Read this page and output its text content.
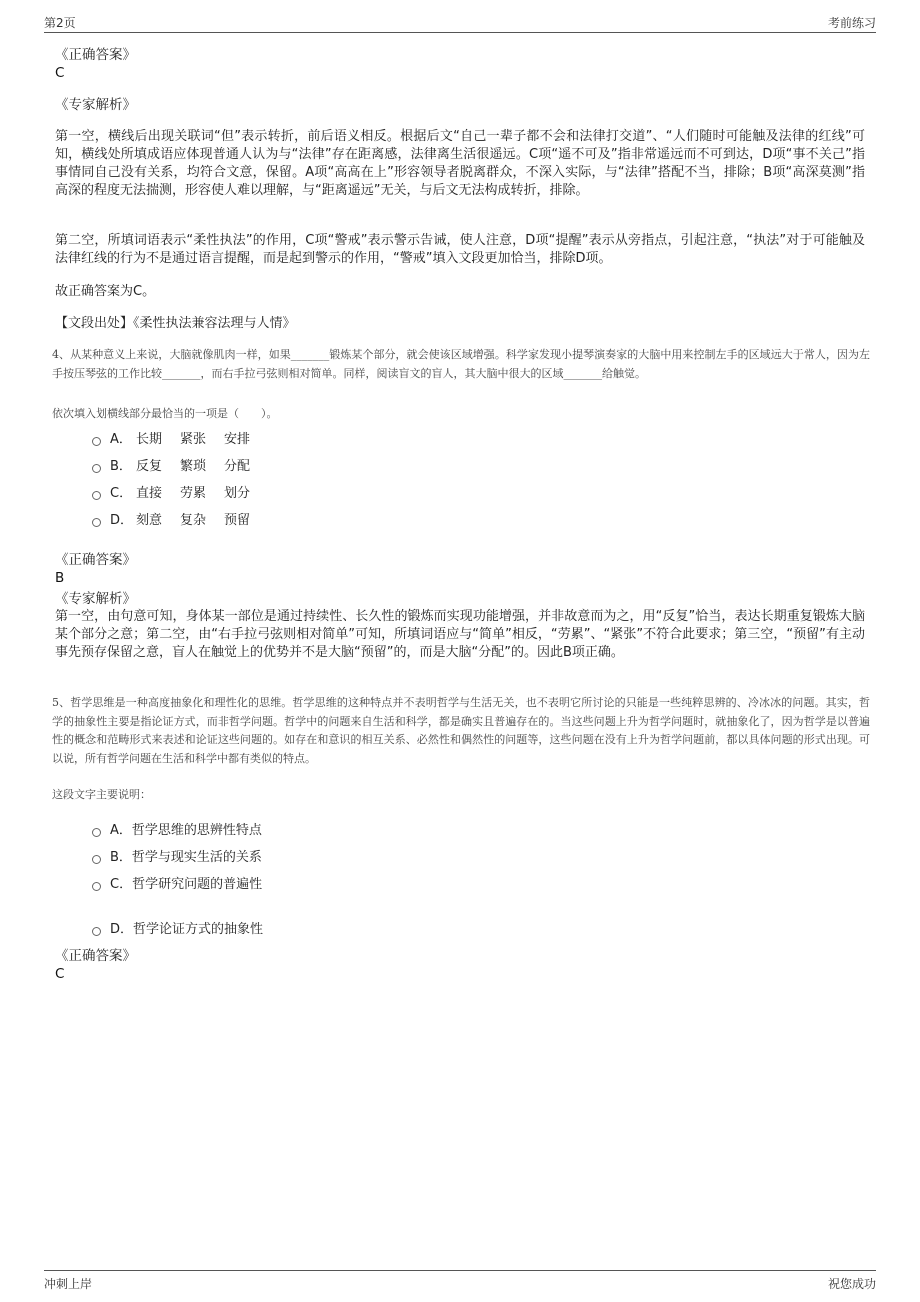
第2页	考前练习
《正确答案》
C
《专家解析》

第一空，横线后出现关联词“但”表示转折，前后语义相反。根据后文“自己一辈子都不会和法律打交道”、“人们随时可能触及法律的红线”可知，横线处所填成语应体现普通人认为与“法律”存在距离感，法律离生活很遥远。C项“遥不可及”指非常遥远而不可到达，D项“事不关己”指事情同自己没有关系，均符合文意，保留。A项“高高在上”形容领导者脱离群众，不深入实际，与“法律”搭配不当，排除；B项“高深莫测”指高深的程度无法揣测，形容使人难以理解，与“距离遥远”无关，与后文无法构成转折，排除。

第二空，所填词语表示“柔性执法”的作用，C项“警戒”表示警示告诫，使人注意，D项“提醒”表示从旁指点，引起注意，“执法”对于可能触及法律红线的行为不是通过语言提醒，而是起到警示的作用，“警戒”填入文段更加恰当，排除D项。

故正确答案为C。
【文段出处】《柔性执法兼容法理与人情》

4、从某种意义上来说，大脑就像肌肉一样，如果_______锻炼某个部分，就会使该区域增强。科学家发现小提琴演奏家的大脑中用来控制左手的区域远大于常人，因为左手按压琴弦的工作比较_______，而右手拉弓弦则相对简单。同样，阅读盲文的盲人，其大脑中很大的区域_______给触觉。

依次填入划横线部分最恰当的一项是（　　）。
A． 长期 紧张 安排
B． 反复 繁琐 分配
C． 直接 劳累 划分
D． 刻意 复杂 预留
《正确答案》
B
《专家解析》

第一空，由句意可知，身体某一部位是通过持续性、长久性的锻炼而实现功能增强，并非故意而为之，用“反复”恰当，表达长期重复锻炼大脑某个部分之意；第二空，由“右手拉弓弦则相对简单”可知，所填词语应与“简单”相反，“劳累”、“紧张”不符合此要求；第三空，“预留”有主动事先预存保留之意，盲人在触觉上的优势并不是大脑“预留”的，而是大脑“分配”的。因此B项正确。

5、哲学思维是一种高度抽象化和理性化的思维。哲学思维的这种特点并不表明哲学与生活无关，也不表明它所讨论的只能是一些纯粹思辨的、冷冰冰的问题。其实，哲学的抽象性主要是指论证方式，而非哲学问题。哲学中的问题来自生活和科学，都是确实且普遍存在的。当这些问题上升为哲学问题时，就抽象化了，因为哲学是以普遍性的概念和范畴形式来表述和论证这些问题的。如存在和意识的相互关系、必然性和偶然性的问题等，这些问题在没有上升为哲学问题前，都以具体问题的形式出现。可以说，所有哲学问题在生活和科学中都有类似的特点。

这段文字主要说明：
A． 哲学思维的思辨性特点
B． 哲学与现实生活的关系
C． 哲学研究问题的普遍性
D． 哲学论证方式的抽象性
《正确答案》
C
冲刺上岸	祝您成功
